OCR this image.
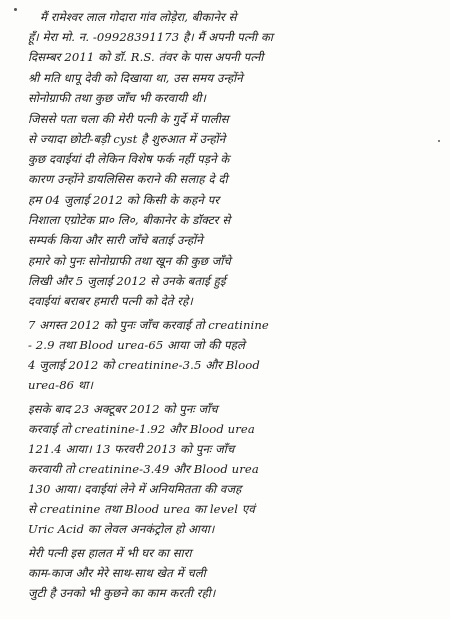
मैं रामेश्वर लाल गोदारा गांव लोड़ेरा, बीकानेर से
हूँ। मेरा मो. न. -09928391173 है। मैं अपनी पत्नी का
दिसम्बर 2011 को डॉ. R.S. तंवर के पास अपनी पत्नी
श्री मति धापू देवी को दिखाया था, उस समय उन्होंने
सोनोग्राफी तथा कुछ जाँच भी करवायी थी।
जिससे पता चला की मेरी पत्नी के गुर्दे में पालीस
से ज्यादा छोटी-बड़ी cyst है शुरुआत में उन्होंने
कुछ दवाईयां दी लेकिन विशेष फर्क नहीं पड़ने के
कारण उन्होंने डायलिसिस कराने की सलाह दे दी
हम 04 जुलाई 2012 को किसी के कहने पर
निशाला एग्रोटेक प्रा० लि०, बीकानेर के डॉक्टर से
सम्पर्क किया और सारी जाँचे बताई उन्होंने
हमारे को पुनः सोनोग्राफी तथा खून की कुछ जाँचे
लिखी और 5 जुलाई 2012 से उनके बताई हुई
दवाईयां बराबर हमारी पत्नी को देते रहे।
7 अगस्त 2012 को पुनः जाँच करवाई तो creatinine
- 2.9 तथा Blood urea-65 आया जो की पहले
4 जुलाई 2012 को creatinine-3.5 और Blood
urea-86 था।
इसके बाद 23 अक्टूबर 2012 को पुनः जाँच
करवाई तो creatinine-1.92 और Blood urea
121.4 आया। 13 फरवरी 2013 को पुनः जाँच
करवायी तो creatinine-3.49 और Blood urea
130 आया। दवाईयां लेने में अनियमितता की वजह
से creatinine तथा Blood urea का level एवं
Uric Acid का लेवल अनकंट्रोल हो आया।
मेरी पत्नी इस हालत में भी घर का सारा
काम-काज और मेरे साथ-साथ खेत में चली
जुटी है उनको भी कुछने का काम करती रही।
